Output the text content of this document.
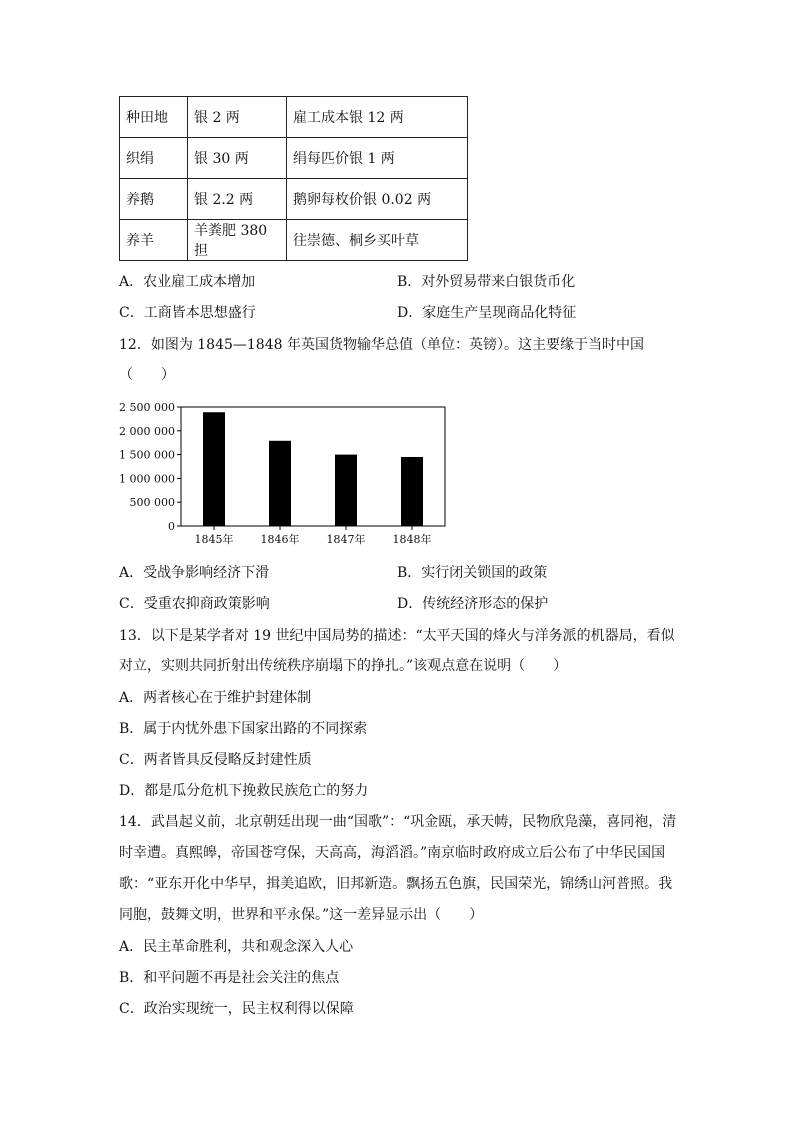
种田地	银 2 两	雇工成本银 12 两
织绢	银 30 两	绢每匹价银 1 两
养鹅	银 2.2 两	鹅卵每枚价银 0.02 两
养羊	羊粪肥 380 担	往崇德、桐乡买叶草
A．农业雇工成本增加	B．对外贸易带来白银货币化
C．工商皆本思想盛行	D．家庭生产呈现商品化特征
12．如图为 1845—1848 年英国货物输华总值（单位：英镑）。这主要缘于当时中国
（　　）
0
500 000
1 000 000
1 500 000
2 000 000
2 500 000
1845年 1846年 1847年 1848年
A．受战争影响经济下滑	B．实行闭关锁国的政策
C．受重农抑商政策影响	D．传统经济形态的保护
13．以下是某学者对 19 世纪中国局势的描述：“太平天国的烽火与洋务派的机器局，看似
对立，实则共同折射出传统秩序崩塌下的挣扎。”该观点意在说明（　　）
A．两者核心在于维护封建体制
B．属于内忧外患下国家出路的不同探索
C．两者皆具反侵略反封建性质
D．都是瓜分危机下挽救民族危亡的努力
14．武昌起义前，北京朝廷出现一曲“国歌”：“巩金瓯，承天帱，民物欣凫藻，喜同袍，清
时幸遭。真熙皞，帝国苍穹保，天高高，海滔滔。”南京临时政府成立后公布了中华民国国
歌：“亚东开化中华早，揖美追欧，旧邦新造。飘扬五色旗，民国荣光，锦绣山河普照。我
同胞，鼓舞文明，世界和平永保。”这一差异显示出（　　）
A．民主革命胜利，共和观念深入人心
B．和平问题不再是社会关注的焦点
C．政治实现统一，民主权利得以保障
